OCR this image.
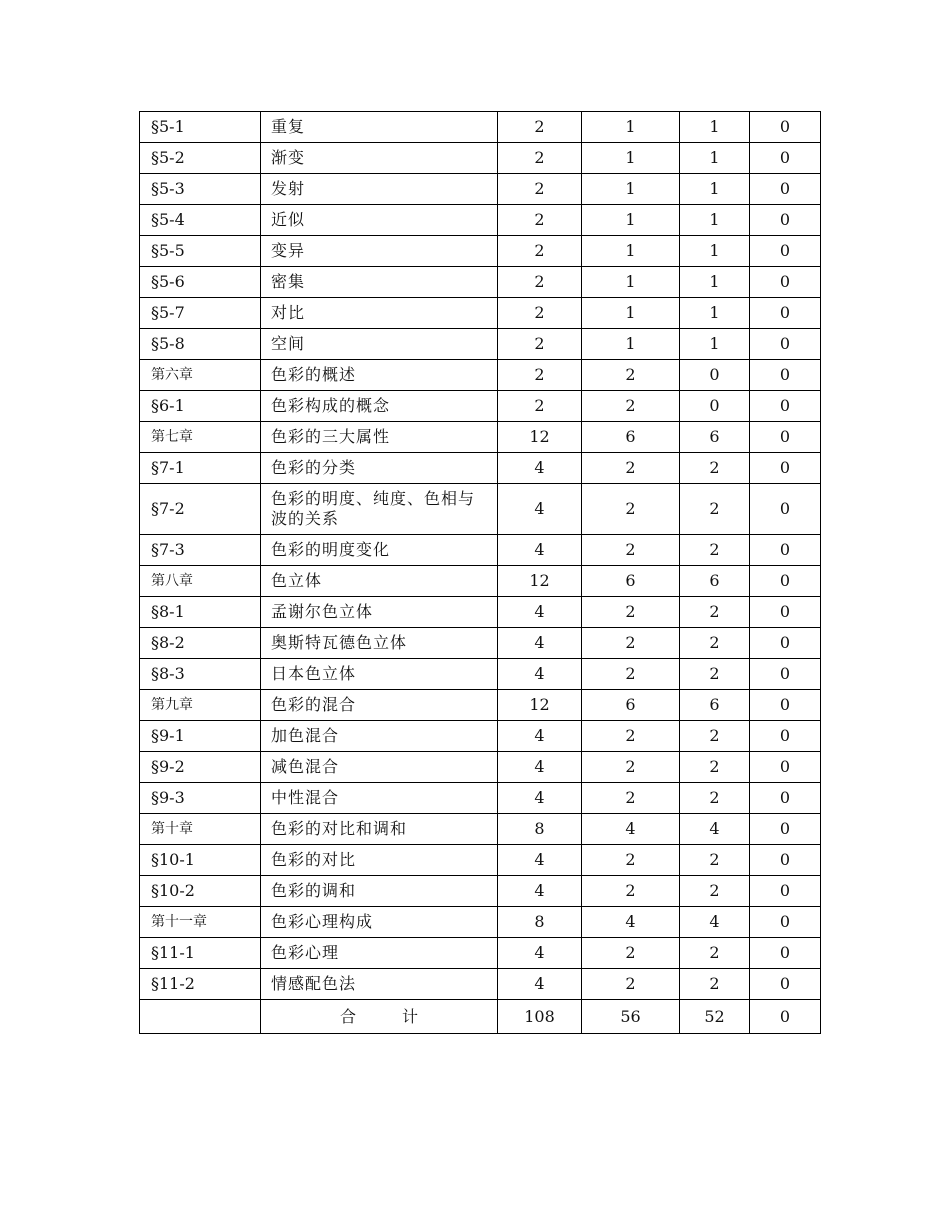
§5-1	重复	2	1	1	0
§5-2	渐变	2	1	1	0
§5-3	发射	2	1	1	0
§5-4	近似	2	1	1	0
§5-5	变异	2	1	1	0
§5-6	密集	2	1	1	0
§5-7	对比	2	1	1	0
§5-8	空间	2	1	1	0
第六章	色彩的概述	2	2	0	0
§6-1	色彩构成的概念	2	2	0	0
第七章	色彩的三大属性	12	6	6	0
§7-1	色彩的分类	4	2	2	0
§7-2	色彩的明度、纯度、色相与波的关系	4	2	2	0
§7-3	色彩的明度变化	4	2	2	0
第八章	色立体	12	6	6	0
§8-1	孟谢尔色立体	4	2	2	0
§8-2	奥斯特瓦德色立体	4	2	2	0
§8-3	日本色立体	4	2	2	0
第九章	色彩的混合	12	6	6	0
§9-1	加色混合	4	2	2	0
§9-2	减色混合	4	2	2	0
§9-3	中性混合	4	2	2	0
第十章	色彩的对比和调和	8	4	4	0
§10-1	色彩的对比	4	2	2	0
§10-2	色彩的调和	4	2	2	0
第十一章	色彩心理构成	8	4	4	0
§11-1	色彩心理	4	2	2	0
§11-2	情感配色法	4	2	2	0
	合 计	108	56	52	0
